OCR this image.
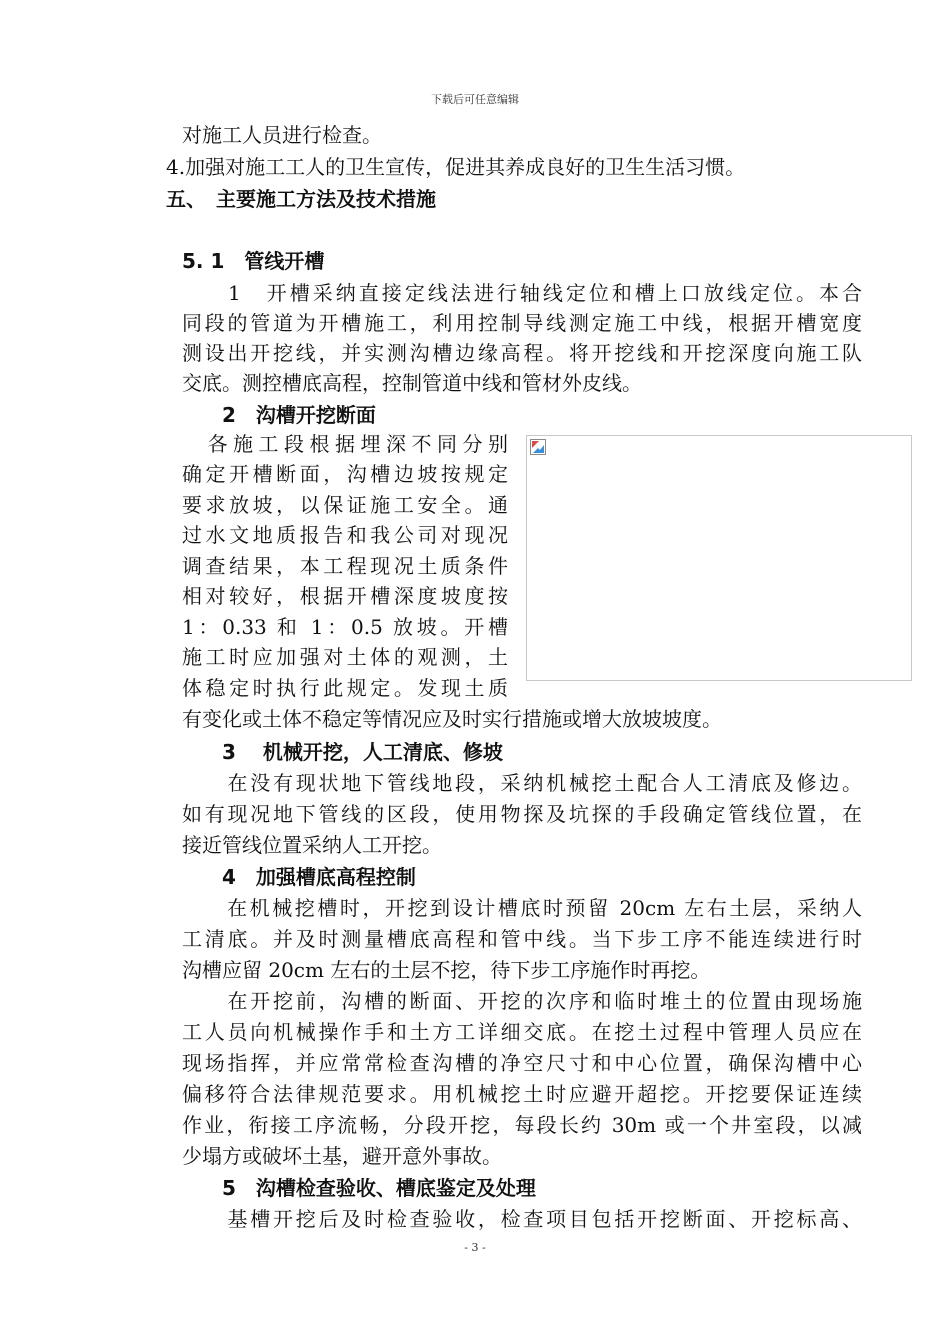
下载后可任意编辑
对施工人员进行检查。
4.加强对施工工人的卫生宣传，促进其养成良好的卫生生活习惯。
五、　主要施工方法及技术措施
5. 1　管线开槽
　　1　开槽采纳直接定线法进行轴线定位和槽上口放线定位。本合
同段的管道为开槽施工，利用控制导线测定施工中线，根据开槽宽度
测设出开挖线，并实测沟槽边缘高程。将开挖线和开挖深度向施工队
交底。测控槽底高程，控制管道中线和管材外皮线。
　　2　沟槽开挖断面
　各施工段根据埋深不同分别
确定开槽断面，沟槽边坡按规定
要求放坡，以保证施工安全。通
过水文地质报告和我公司对现况
调查结果，本工程现况土质条件
相对较好，根据开槽深度坡度按
1：0.33 和 1：0.5 放坡。开槽
施工时应加强对土体的观测，土
体稳定时执行此规定。发现土质
有变化或土体不稳定等情况应及时实行措施或增大放坡坡度。
　　3　 机械开挖，人工清底、修坡
　　在没有现状地下管线地段，采纳机械挖土配合人工清底及修边。
如有现况地下管线的区段，使用物探及坑探的手段确定管线位置，在
接近管线位置采纳人工开挖。
　　4　加强槽底高程控制
　　在机械挖槽时，开挖到设计槽底时预留 20cm 左右土层，采纳人
工清底。并及时测量槽底高程和管中线。当下步工序不能连续进行时
沟槽应留 20cm 左右的土层不挖，待下步工序施作时再挖。
　　在开挖前，沟槽的断面、开挖的次序和临时堆土的位置由现场施
工人员向机械操作手和土方工详细交底。在挖土过程中管理人员应在
现场指挥，并应常常检查沟槽的净空尺寸和中心位置，确保沟槽中心
偏移符合法律规范要求。用机械挖土时应避开超挖。开挖要保证连续
作业，衔接工序流畅，分段开挖，每段长约 30m 或一个井室段，以减
少塌方或破坏土基，避开意外事故。
　　5　沟槽检查验收、槽底鉴定及处理
　　基槽开挖后及时检查验收，检查项目包括开挖断面、开挖标高、
- 3 -
